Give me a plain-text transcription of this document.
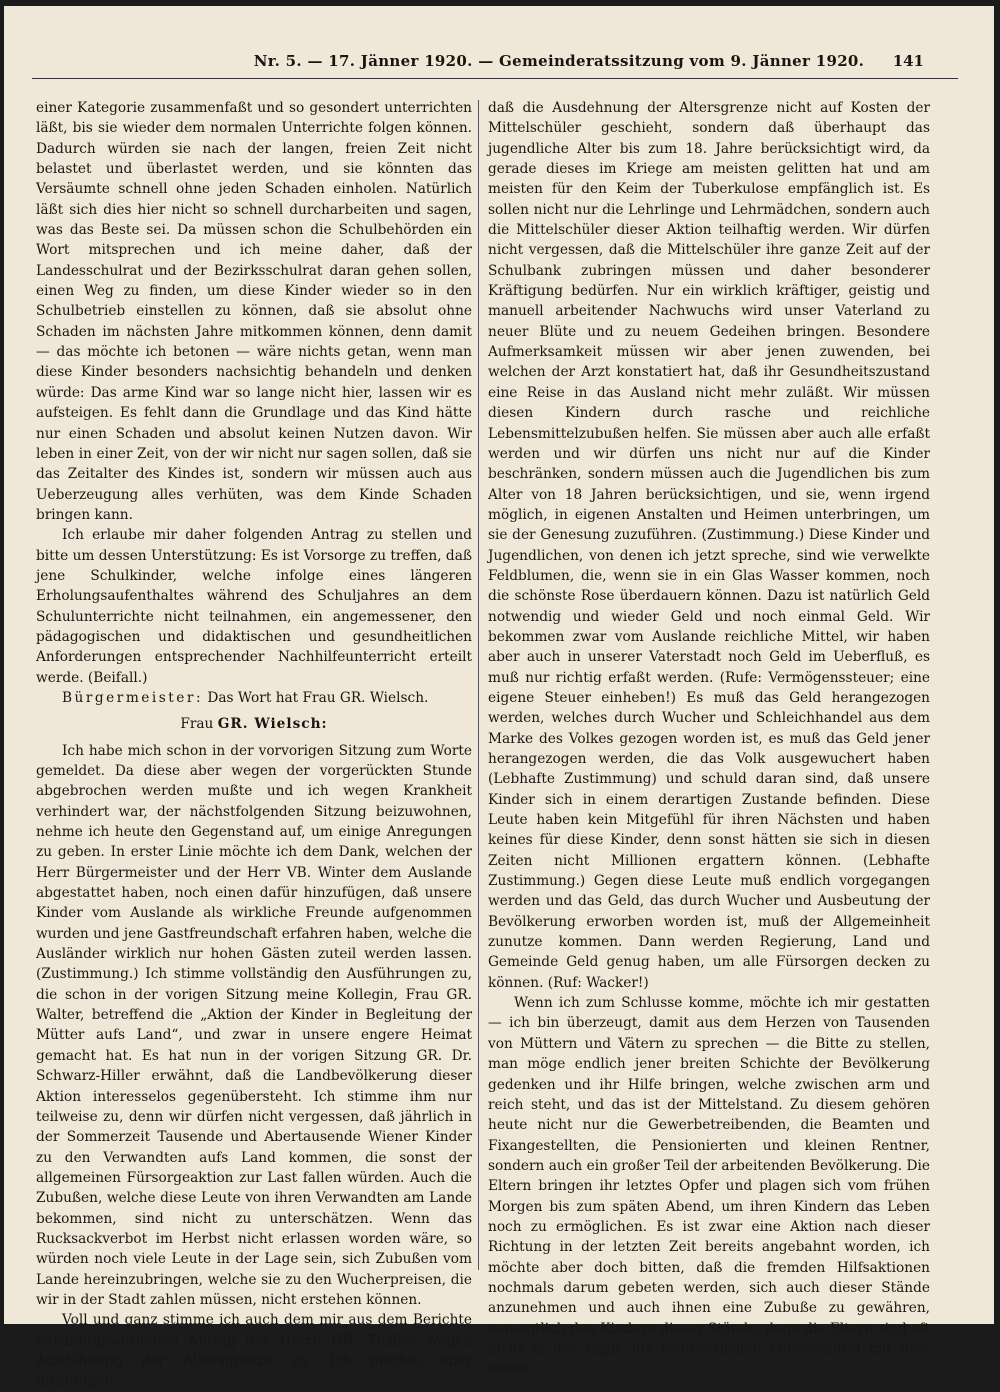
Nr. 5. — 17. Jänner 1920. — Gemeinderatssitzung vom 9. Jänner 1920.	141

einer Kategorie zusammenfaßt und so gesondert unterrichten läßt, bis sie wieder dem normalen Unterrichte folgen können. Dadurch würden sie nach der langen, freien Zeit nicht belastet und überlastet werden, und sie könnten das Versäumte schnell ohne jeden Schaden einholen. Natürlich läßt sich dies hier nicht so schnell durcharbeiten und sagen, was das Beste sei. Da müssen schon die Schulbehörden ein Wort mitsprechen und ich meine daher, daß der Landesschulrat und der Bezirksschulrat daran gehen sollen, einen Weg zu finden, um diese Kinder wieder so in den Schulbetrieb einstellen zu können, daß sie absolut ohne Schaden im nächsten Jahre mitkommen können, denn damit — das möchte ich betonen — wäre nichts getan, wenn man diese Kinder besonders nachsichtig behandeln und denken würde: Das arme Kind war so lange nicht hier, lassen wir es aufsteigen. Es fehlt dann die Grundlage und das Kind hätte nur einen Schaden und absolut keinen Nutzen davon. Wir leben in einer Zeit, von der wir nicht nur sagen sollen, daß sie das Zeitalter des Kindes ist, sondern wir müssen auch aus Ueberzeugung alles verhüten, was dem Kinde Schaden bringen kann.

Ich erlaube mir daher folgenden Antrag zu stellen und bitte um dessen Unterstützung: Es ist Vorsorge zu treffen, daß jene Schulkinder, welche infolge eines längeren Erholungsaufenthaltes während des Schuljahres an dem Schulunterrichte nicht teilnahmen, ein angemessener, den pädagogischen und didaktischen und gesundheitlichen Anforderungen entsprechender Nachhilfeunterricht erteilt werde. (Beifall.)

Bürgermeister: Das Wort hat Frau GR. Wielsch.

Frau GR. Wielsch:

Ich habe mich schon in der vorvorigen Sitzung zum Worte gemeldet. Da diese aber wegen der vorgerückten Stunde abgebrochen werden mußte und ich wegen Krankheit verhindert war, der nächstfolgenden Sitzung beizuwohnen, nehme ich heute den Gegenstand auf, um einige Anregungen zu geben. In erster Linie möchte ich dem Dank, welchen der Herr Bürgermeister und der Herr VB. Winter dem Auslande abgestattet haben, noch einen dafür hinzufügen, daß unsere Kinder vom Auslande als wirkliche Freunde aufgenommen wurden und jene Gastfreundschaft erfahren haben, welche die Ausländer wirklich nur hohen Gästen zuteil werden lassen. (Zustimmung.) Ich stimme vollständig den Ausführungen zu, die schon in der vorigen Sitzung meine Kollegin, Frau GR. Walter, betreffend die „Aktion der Kinder in Begleitung der Mütter aufs Land“, und zwar in unsere engere Heimat gemacht hat. Es hat nun in der vorigen Sitzung GR. Dr. Schwarz-Hiller erwähnt, daß die Landbevölkerung dieser Aktion interesselos gegenübersteht. Ich stimme ihm nur teilweise zu, denn wir dürfen nicht vergessen, daß jährlich in der Sommerzeit Tausende und Abertausende Wiener Kinder zu den Verwandten aufs Land kommen, die sonst der allgemeinen Fürsorgeaktion zur Last fallen würden. Auch die Zubußen, welche diese Leute von ihren Verwandten am Lande bekommen, sind nicht zu unterschätzen. Wenn das Rucksackverbot im Herbst nicht erlassen worden wäre, so würden noch viele Leute in der Lage sein, sich Zubußen vom Lande hereinzubringen, welche sie zu den Wucherpreisen, die wir in der Stadt zahlen müssen, nicht erstehen können.

Voll und ganz stimme ich auch dem mir aus dem Berichte bekanntgewordenen Antrag des Herrn GR. Thaller wegen Ausdehnung der Altersgrenze zu. Ich möchte aber hinzufügen,

daß die Ausdehnung der Altersgrenze nicht auf Kosten der Mittelschüler geschieht, sondern daß überhaupt das jugendliche Alter bis zum 18. Jahre berücksichtigt wird, da gerade dieses im Kriege am meisten gelitten hat und am meisten für den Keim der Tuberkulose empfänglich ist. Es sollen nicht nur die Lehrlinge und Lehrmädchen, sondern auch die Mittelschüler dieser Aktion teilhaftig werden. Wir dürfen nicht vergessen, daß die Mittelschüler ihre ganze Zeit auf der Schulbank zubringen müssen und daher besonderer Kräftigung bedürfen. Nur ein wirklich kräftiger, geistig und manuell arbeitender Nachwuchs wird unser Vaterland zu neuer Blüte und zu neuem Gedeihen bringen. Besondere Aufmerksamkeit müssen wir aber jenen zuwenden, bei welchen der Arzt konstatiert hat, daß ihr Gesundheitszustand eine Reise in das Ausland nicht mehr zuläßt. Wir müssen diesen Kindern durch rasche und reichliche Lebensmittelzubußen helfen. Sie müssen aber auch alle erfaßt werden und wir dürfen uns nicht nur auf die Kinder beschränken, sondern müssen auch die Jugendlichen bis zum Alter von 18 Jahren berücksichtigen, und sie, wenn irgend möglich, in eigenen Anstalten und Heimen unterbringen, um sie der Genesung zuzuführen. (Zustimmung.) Diese Kinder und Jugendlichen, von denen ich jetzt spreche, sind wie verwelkte Feldblumen, die, wenn sie in ein Glas Wasser kommen, noch die schönste Rose überdauern können. Dazu ist natürlich Geld notwendig und wieder Geld und noch einmal Geld. Wir bekommen zwar vom Auslande reichliche Mittel, wir haben aber auch in unserer Vaterstadt noch Geld im Ueberfluß, es muß nur richtig erfaßt werden. (Rufe: Vermögenssteuer; eine eigene Steuer einheben!) Es muß das Geld herangezogen werden, welches durch Wucher und Schleichhandel aus dem Marke des Volkes gezogen worden ist, es muß das Geld jener herangezogen werden, die das Volk ausgewuchert haben (Lebhafte Zustimmung) und schuld daran sind, daß unsere Kinder sich in einem derartigen Zustande befinden. Diese Leute haben kein Mitgefühl für ihren Nächsten und haben keines für diese Kinder, denn sonst hätten sie sich in diesen Zeiten nicht Millionen ergattern können. (Lebhafte Zustimmung.) Gegen diese Leute muß endlich vorgegangen werden und das Geld, das durch Wucher und Ausbeutung der Bevölkerung erworben worden ist, muß der Allgemeinheit zunutze kommen. Dann werden Regierung, Land und Gemeinde Geld genug haben, um alle Fürsorgen decken zu können. (Ruf: Wacker!)

Wenn ich zum Schlusse komme, möchte ich mir gestatten — ich bin überzeugt, damit aus dem Herzen von Tausenden von Müttern und Vätern zu sprechen — die Bitte zu stellen, man möge endlich jener breiten Schichte der Bevölkerung gedenken und ihr Hilfe bringen, welche zwischen arm und reich steht, und das ist der Mittelstand. Zu diesem gehören heute nicht nur die Gewerbetreibenden, die Beamten und Fixangestellten, die Pensionierten und kleinen Rentner, sondern auch ein großer Teil der arbeitenden Bevölkerung. Die Eltern bringen ihr letztes Opfer und plagen sich vom frühen Morgen bis zum späten Abend, um ihren Kindern das Leben noch zu ermöglichen. Es ist zwar eine Aktion nach dieser Richtung in der letzten Zeit bereits angebahnt worden, ich möchte aber doch bitten, daß die fremden Hilfsaktionen nochmals darum gebeten werden, sich auch dieser Stände anzunehmen und auch ihnen eine Zubuße zu gewähren, namentlich den Kindern dieser Stände, denn die Eltern sind oft nicht in der Lage, die erforderlichen Lebensmittel mit dem selbst-
